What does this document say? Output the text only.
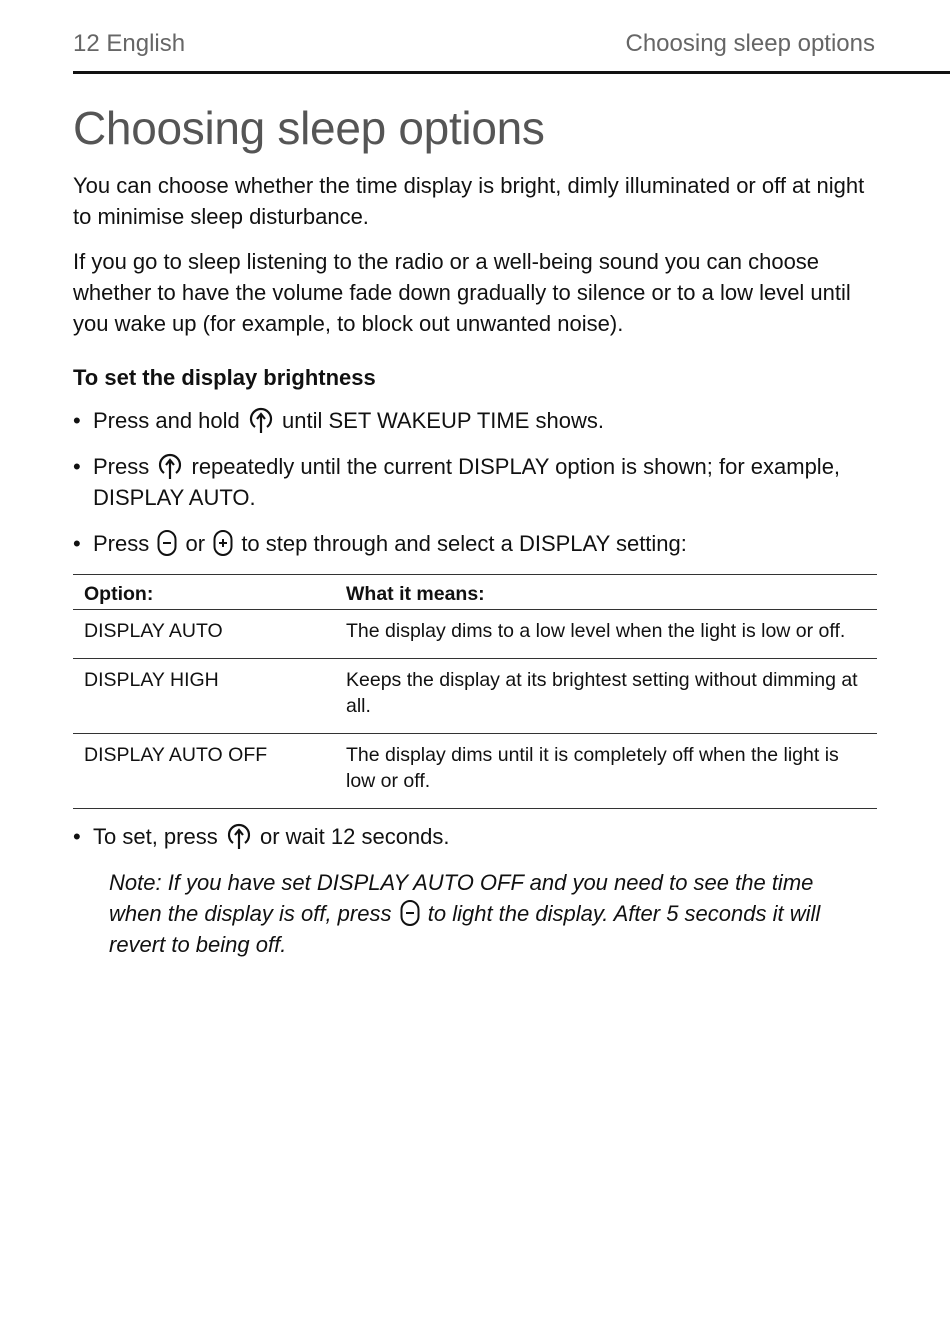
12 English	Choosing sleep options
Choosing sleep options

You can choose whether the time display is bright, dimly illuminated or off at night to minimise sleep disturbance.

If you go to sleep listening to the radio or a well-being sound you can choose whether to have the volume fade down gradually to silence or to a low level until you wake up (for example, to block out unwanted noise).

To set the display brightness
• Press and hold until SET WAKEUP TIME shows.
• Press repeatedly until the current DISPLAY option is shown; for example, DISPLAY AUTO.
• Press or to step through and select a DISPLAY setting:
Option:	What it means:
DISPLAY AUTO	The display dims to a low level when the light is low or off.
DISPLAY HIGH	Keeps the display at its brightest setting without dimming at all.
DISPLAY AUTO OFF	The display dims until it is completely off when the light is low or off.
• To set, press or wait 12 seconds.

Note: If you have set DISPLAY AUTO OFF and you need to see the time when the display is off, press to light the display. After 5 seconds it will revert to being off.
